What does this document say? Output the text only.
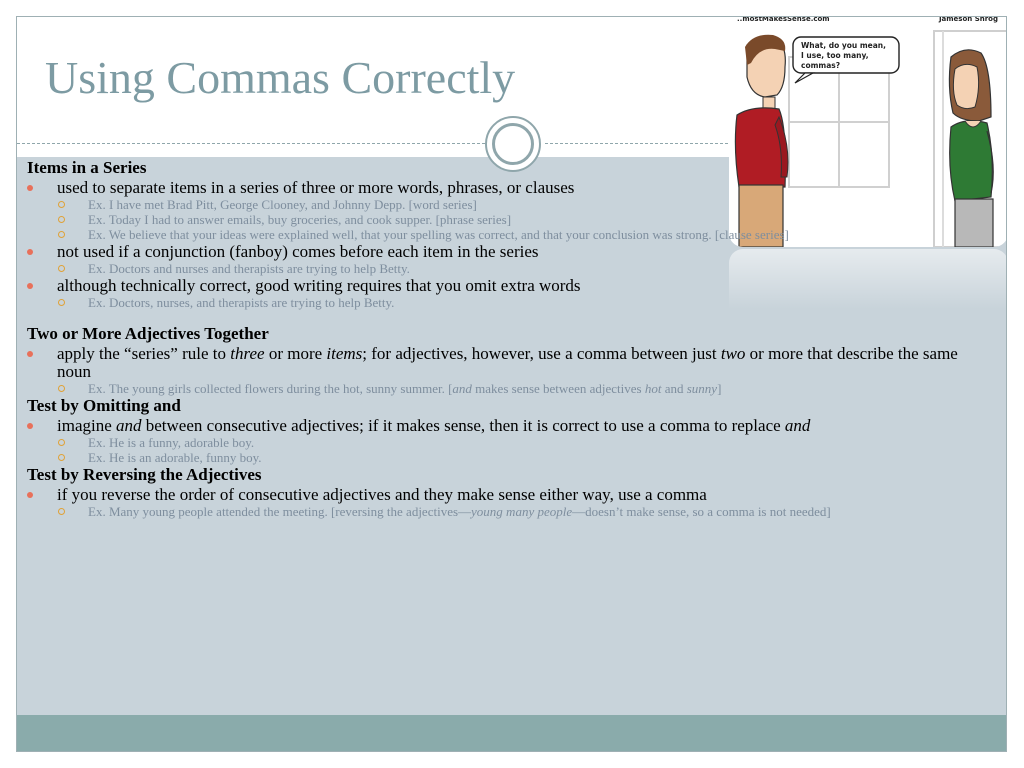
Using Commas Correctly
..mostMakesSense.com	Jameson Shrog
What, do you mean,
I use, too many,
commas?
Items in a Series
used to separate items in a series of three or more words, phrases, or clauses
Ex. I have met Brad Pitt, George Clooney, and Johnny Depp. [word series]
Ex. Today I had to answer emails, buy groceries, and cook supper. [phrase series]
Ex. We believe that your ideas were explained well, that your spelling was correct, and that your conclusion was strong. [clause series]
not used if a conjunction (fanboy) comes before each item in the series
Ex. Doctors and nurses and therapists are trying to help Betty.
although technically correct, good writing requires that you omit extra words
Ex. Doctors, nurses, and therapists are trying to help Betty.
Two or More Adjectives Together
apply the “series” rule to three or more items; for adjectives, however, use a comma between just two or more that describe the same noun
Ex. The young girls collected flowers during the hot, sunny summer. [and makes sense between adjectives hot and sunny]
Test by Omitting and
imagine and between consecutive adjectives; if it makes sense, then it is correct to use a comma to replace and
Ex. He is a funny, adorable boy.
Ex. He is an adorable, funny boy.
Test by Reversing the Adjectives
if you reverse the order of consecutive adjectives and they make sense either way, use a comma
Ex. Many young people attended the meeting. [reversing the adjectives—young many people—doesn’t make sense, so a comma is not needed]
